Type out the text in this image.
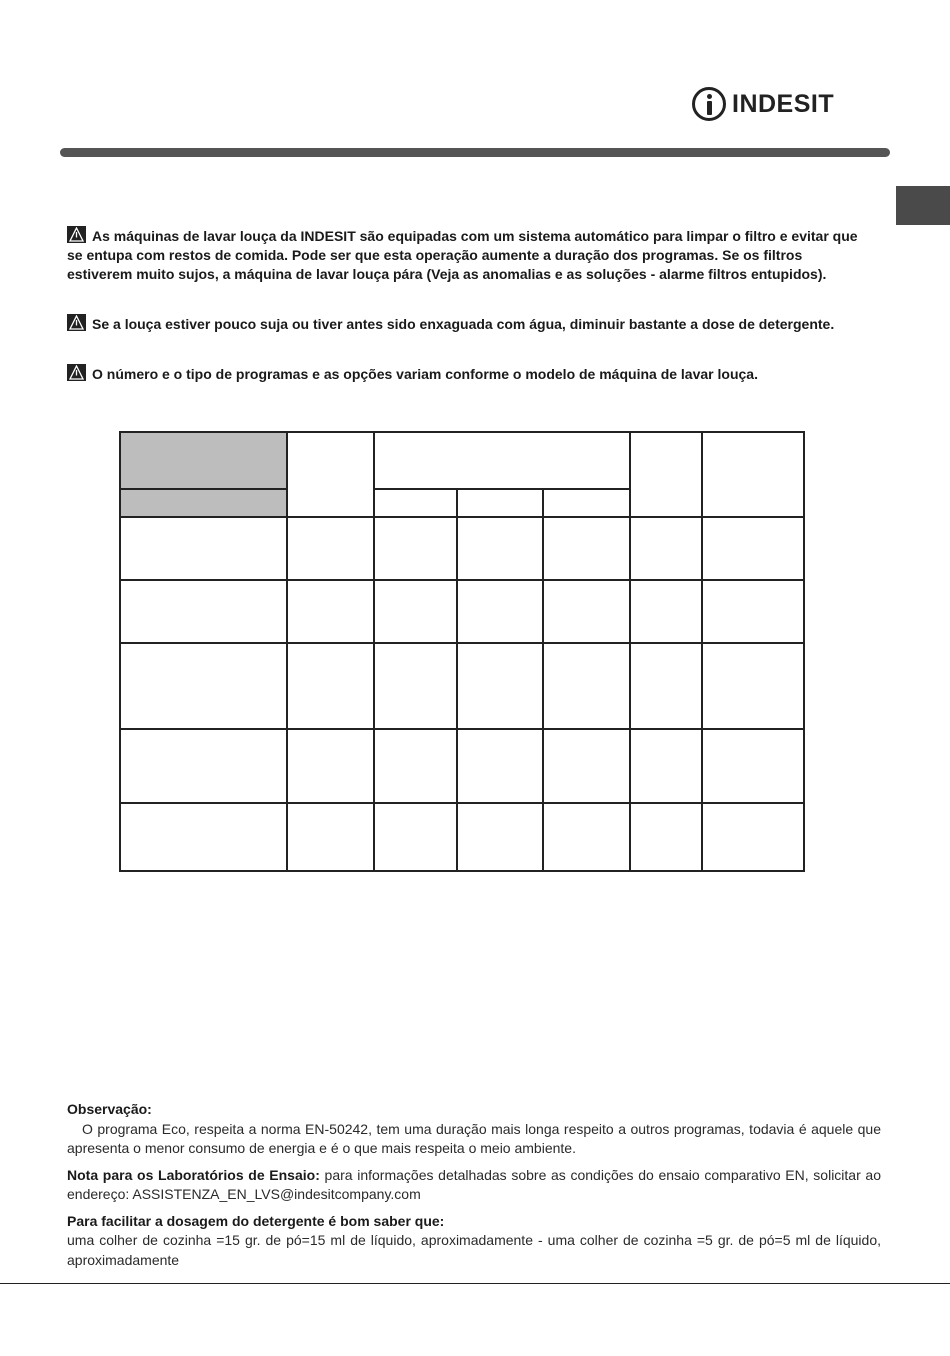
INDESIT
As máquinas de lavar louça da INDESIT são equipadas com um sistema automático para limpar o filtro e evitar que se entupa com restos de comida. Pode ser que esta operação aumente a duração dos programas. Se os filtros estiverem muito sujos, a máquina de lavar louça pára (Veja as anomalias e as soluções - alarme filtros entupidos).
Se a louça estiver pouco suja ou tiver antes sido enxaguada com água, diminuir bastante a dose de detergente.
O número e o tipo de programas e as opções variam conforme o modelo de máquina de lavar louça.

Observação:
O programa Eco, respeita a norma EN-50242, tem uma duração mais longa respeito a outros programas, todavia é aquele que apresenta o menor consumo de energia e é o que mais respeita o meio ambiente.

Nota para os Laboratórios de Ensaio: para informações detalhadas sobre as condições do ensaio comparativo EN, solicitar ao endereço: ASSISTENZA_EN_LVS@indesitcompany.com

Para facilitar a dosagem do detergente é bom saber que:
uma colher de cozinha =15 gr. de pó=15 ml de líquido, aproximadamente - uma colher de cozinha =5 gr. de pó=5 ml de líquido, aproximadamente
